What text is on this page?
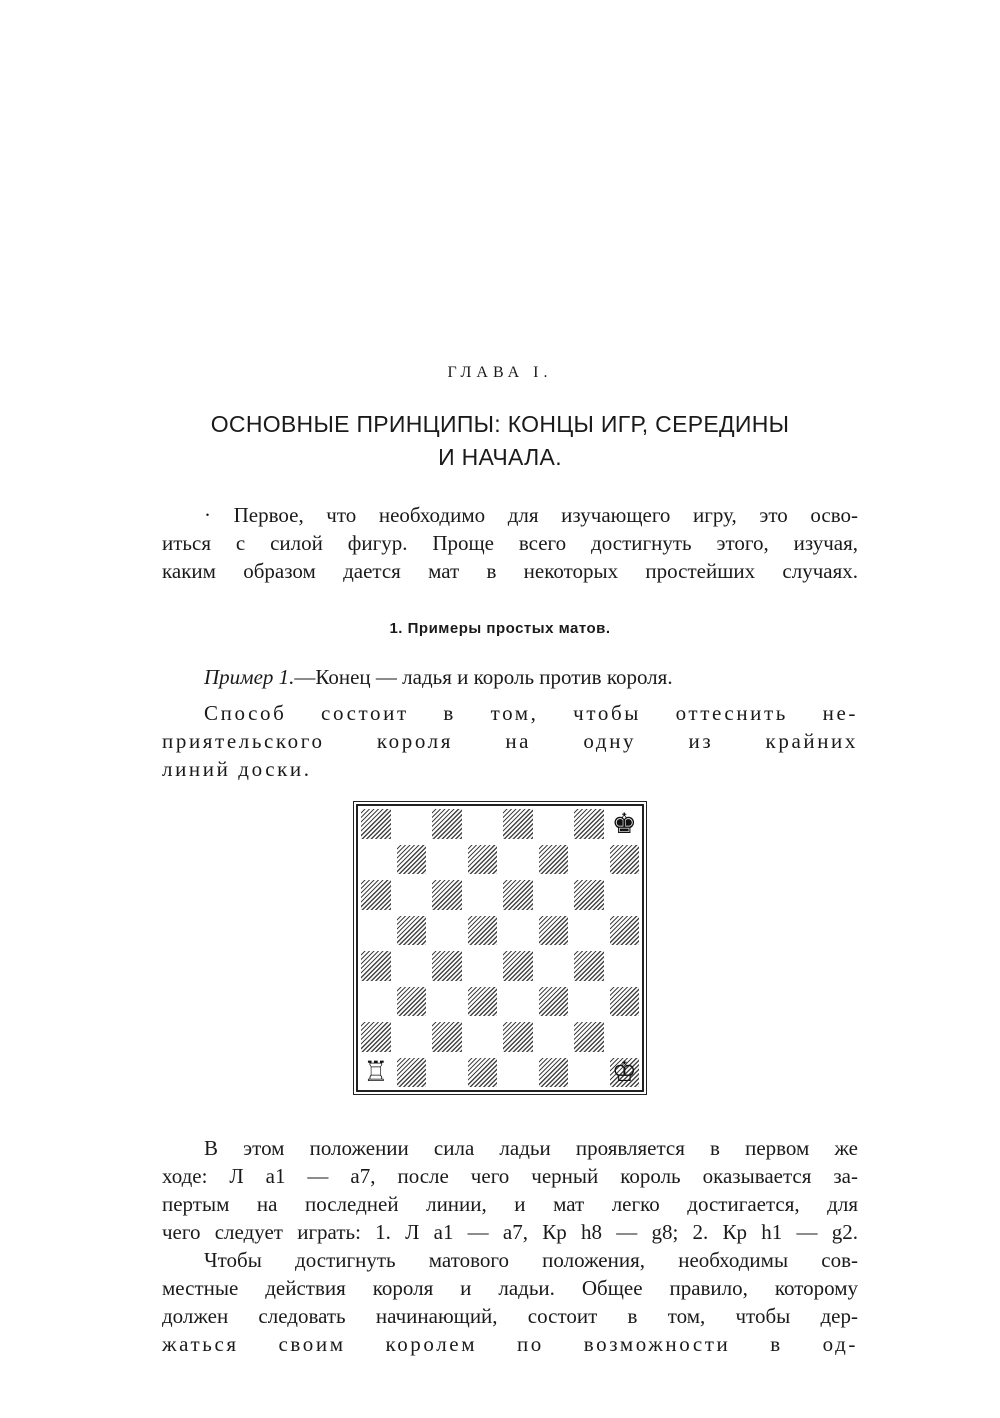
ГЛАВА I.
ОСНОВНЫЕ ПРИНЦИПЫ: КОНЦЫ ИГР, СЕРЕДИНЫ
И НАЧАЛА.
· Первое, что необходимо для изучающего игру, это осво-
иться с силой фигур. Проще всего достигнуть этого, изучая,
каким образом дается мат в некоторых простейших случаях.
1. Примеры простых матов.
Пример 1.—Конец — ладья и король против короля.
Способ состоит в том, чтобы оттеснить не-
приятельского короля на одну из крайних
линий доски.
♚
♖	♔
В этом положении сила ладьи проявляется в первом же
ходе: Л a1 — a7, после чего черный король оказывается за-
пертым на последней линии, и мат легко достигается, для
чего следует играть: 1. Л a1 — a7, Кр h8 — g8; 2. Кр h1 — g2.
Чтобы достигнуть матового положения, необходимы сов-
местные действия короля и ладьи. Общее правило, которому
должен следовать начинающий, состоит в том, чтобы дер-
жаться своим королем по возможности в од-
